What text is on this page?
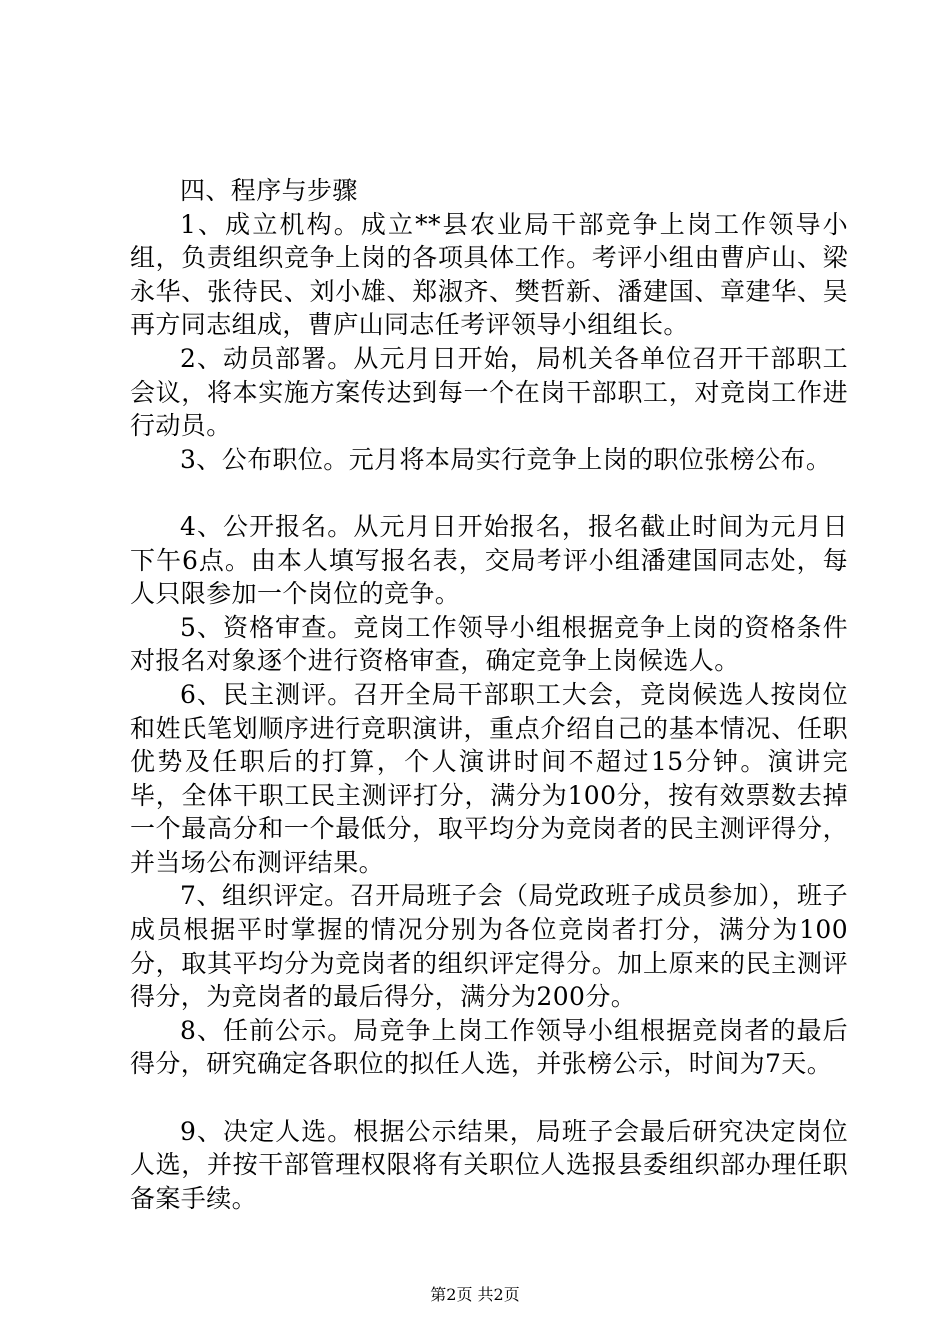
四、程序与步骤

1、成立机构。成立**县农业局干部竞争上岗工作领导小组，负责组织竞争上岗的各项具体工作。考评小组由曹庐山、梁永华、张待民、刘小雄、郑淑齐、樊哲新、潘建国、章建华、吴再方同志组成，曹庐山同志任考评领导小组组长。

2、动员部署。从元月日开始，局机关各单位召开干部职工会议，将本实施方案传达到每一个在岗干部职工，对竞岗工作进行动员。

3、公布职位。元月将本局实行竞争上岗的职位张榜公布。

4、公开报名。从元月日开始报名，报名截止时间为元月日下午6点。由本人填写报名表，交局考评小组潘建国同志处，每人只限参加一个岗位的竞争。

5、资格审查。竞岗工作领导小组根据竞争上岗的资格条件对报名对象逐个进行资格审查，确定竞争上岗候选人。

6、民主测评。召开全局干部职工大会，竞岗候选人按岗位和姓氏笔划顺序进行竞职演讲，重点介绍自己的基本情况、任职优势及任职后的打算，个人演讲时间不超过15分钟。演讲完毕，全体干职工民主测评打分，满分为100分，按有效票数去掉一个最高分和一个最低分，取平均分为竞岗者的民主测评得分，并当场公布测评结果。

7、组织评定。召开局班子会（局党政班子成员参加），班子成员根据平时掌握的情况分别为各位竞岗者打分，满分为100分，取其平均分为竞岗者的组织评定得分。加上原来的民主测评得分，为竞岗者的最后得分，满分为200分。

8、任前公示。局竞争上岗工作领导小组根据竞岗者的最后得分，研究确定各职位的拟任人选，并张榜公示，时间为7天。

9、决定人选。根据公示结果，局班子会最后研究决定岗位人选，并按干部管理权限将有关职位人选报县委组织部办理任职备案手续。

第2页 共2页
